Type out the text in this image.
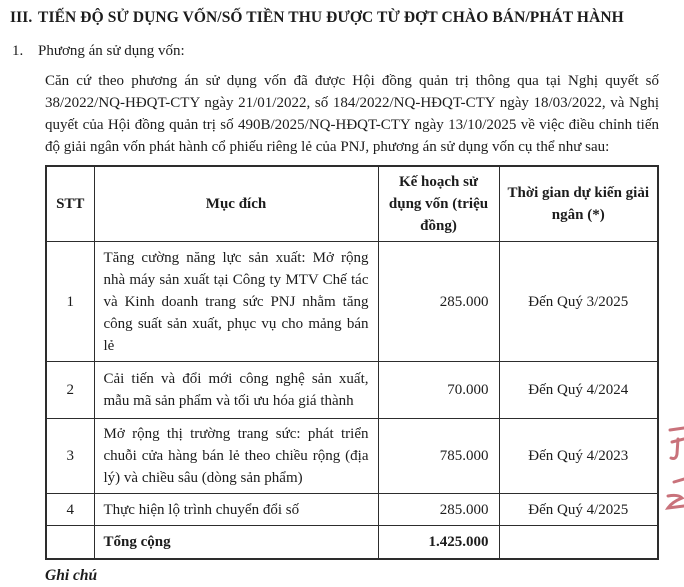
III. TIẾN ĐỘ SỬ DỤNG VỐN/SỐ TIỀN THU ĐƯỢC TỪ ĐỢT CHÀO BÁN/PHÁT HÀNH
1. Phương án sử dụng vốn:

Căn cứ theo phương án sử dụng vốn đã được Hội đồng quản trị thông qua tại Nghị quyết số 38/2022/NQ-HĐQT-CTY ngày 21/01/2022, số 184/2022/NQ-HĐQT-CTY ngày 18/03/2022, và Nghị quyết của Hội đồng quản trị số 490B/2025/NQ-HĐQT-CTY ngày 13/10/2025 về việc điều chỉnh tiến độ giải ngân vốn phát hành cổ phiếu riêng lẻ của PNJ, phương án sử dụng vốn cụ thể như sau:

STT	Mục đích	Kế hoạch sử dụng vốn (triệu đồng)	Thời gian dự kiến giải ngân (*)
1	Tăng cường năng lực sản xuất: Mở rộng nhà máy sản xuất tại Công ty MTV Chế tác và Kinh doanh trang sức PNJ nhằm tăng công suất sản xuất, phục vụ cho mảng bán lẻ	285.000	Đến Quý 3/2025
2	Cải tiến và đổi mới công nghệ sản xuất, mẫu mã sản phẩm và tối ưu hóa giá thành	70.000	Đến Quý 4/2024
3	Mở rộng thị trường trang sức: phát triển chuỗi cửa hàng bán lẻ theo chiều rộng (địa lý) và chiều sâu (dòng sản phẩm)	785.000	Đến Quý 4/2023
4	Thực hiện lộ trình chuyển đổi số	285.000	Đến Quý 4/2025
	Tổng cộng	1.425.000	
Ghi chú
